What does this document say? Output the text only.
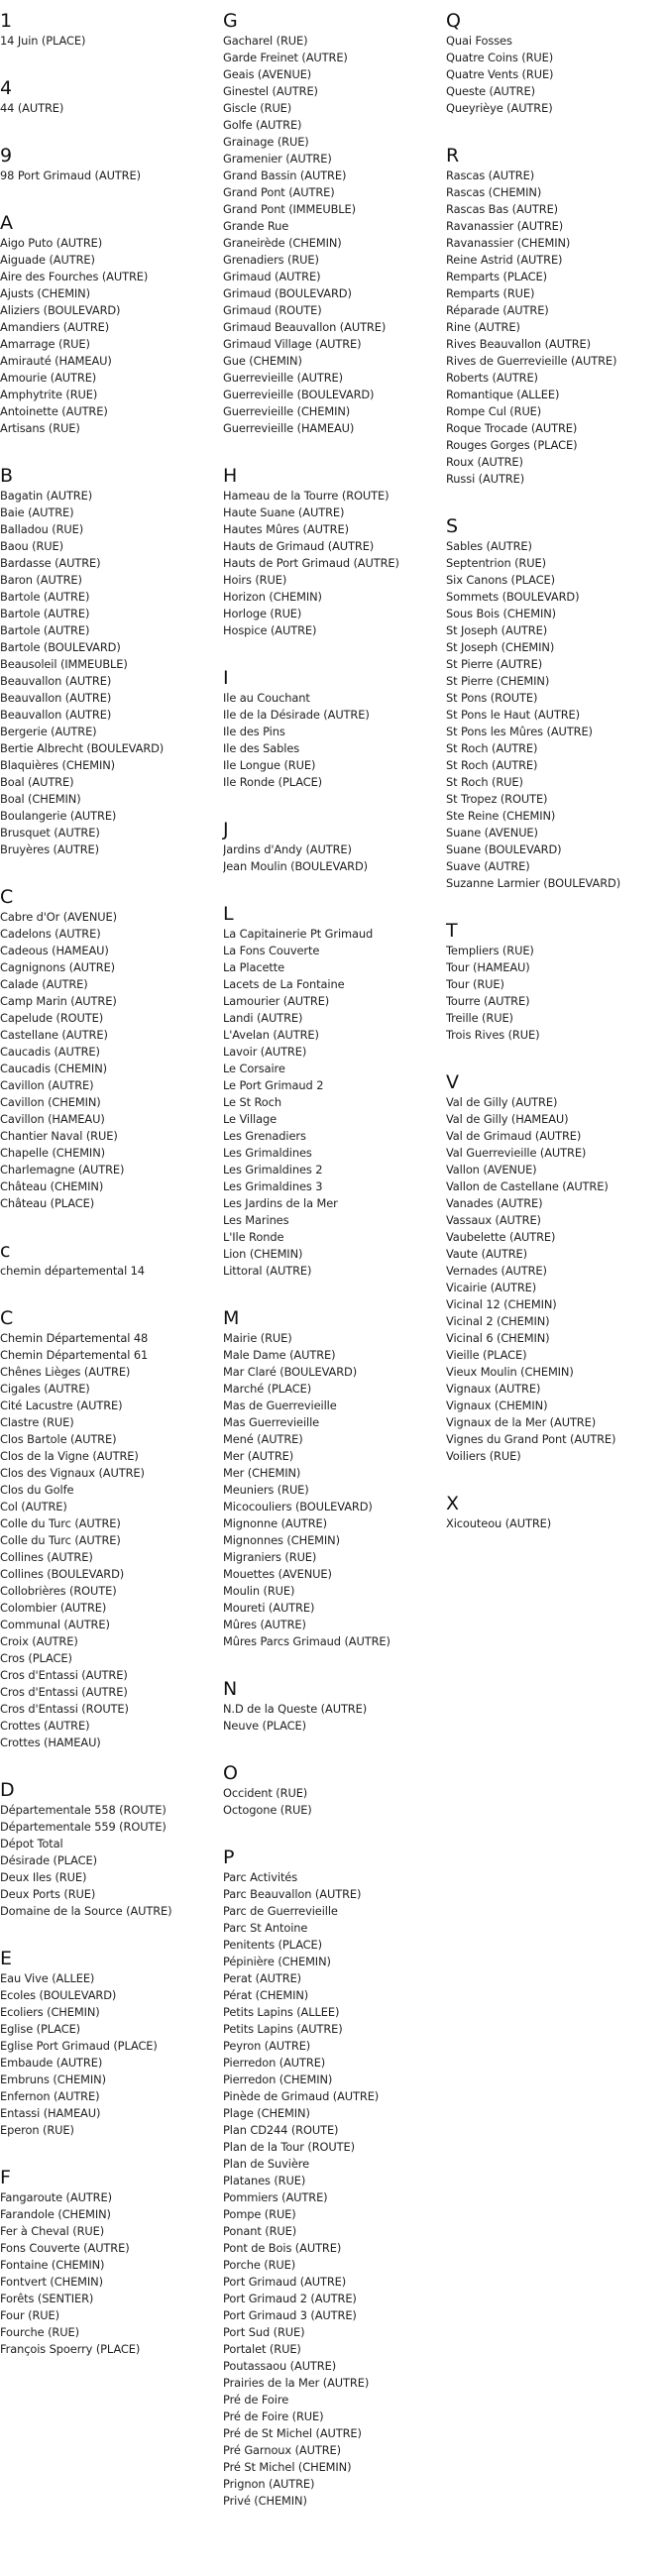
1
14 Juin (PLACE)
4
44 (AUTRE)
9
98 Port Grimaud (AUTRE)
A
Aigo Puto (AUTRE)
Aiguade (AUTRE)
Aire des Fourches (AUTRE)
Ajusts (CHEMIN)
Aliziers (BOULEVARD)
Amandiers (AUTRE)
Amarrage (RUE)
Amirauté (HAMEAU)
Amourie (AUTRE)
Amphytrite (RUE)
Antoinette (AUTRE)
Artisans (RUE)
B
Bagatin (AUTRE)
Baie (AUTRE)
Balladou (RUE)
Baou (RUE)
Bardasse (AUTRE)
Baron (AUTRE)
Bartole (AUTRE)
Bartole (AUTRE)
Bartole (AUTRE)
Bartole (BOULEVARD)
Beausoleil (IMMEUBLE)
Beauvallon (AUTRE)
Beauvallon (AUTRE)
Beauvallon (AUTRE)
Bergerie (AUTRE)
Bertie Albrecht (BOULEVARD)
Blaquières (CHEMIN)
Boal (AUTRE)
Boal (CHEMIN)
Boulangerie (AUTRE)
Brusquet (AUTRE)
Bruyères (AUTRE)
C
Cabre d'Or (AVENUE)
Cadelons (AUTRE)
Cadeous (HAMEAU)
Cagnignons (AUTRE)
Calade (AUTRE)
Camp Marin (AUTRE)
Capelude (ROUTE)
Castellane (AUTRE)
Caucadis (AUTRE)
Caucadis (CHEMIN)
Cavillon (AUTRE)
Cavillon (CHEMIN)
Cavillon (HAMEAU)
Chantier Naval (RUE)
Chapelle (CHEMIN)
Charlemagne (AUTRE)
Château (CHEMIN)
Château (PLACE)
c
chemin départemental 14
C
Chemin Départemental 48
Chemin Départemental 61
Chênes Lièges (AUTRE)
Cigales (AUTRE)
Cité Lacustre (AUTRE)
Clastre (RUE)
Clos Bartole (AUTRE)
Clos de la Vigne (AUTRE)
Clos des Vignaux (AUTRE)
Clos du Golfe
Col (AUTRE)
Colle du Turc (AUTRE)
Colle du Turc (AUTRE)
Collines (AUTRE)
Collines (BOULEVARD)
Collobrières (ROUTE)
Colombier (AUTRE)
Communal (AUTRE)
Croix (AUTRE)
Cros (PLACE)
Cros d'Entassi (AUTRE)
Cros d'Entassi (AUTRE)
Cros d'Entassi (ROUTE)
Crottes (AUTRE)
Crottes (HAMEAU)
D
Départementale 558 (ROUTE)
Départementale 559 (ROUTE)
Dépot Total
Désirade (PLACE)
Deux Iles (RUE)
Deux Ports (RUE)
Domaine de la Source (AUTRE)
E
Eau Vive (ALLEE)
Ecoles (BOULEVARD)
Ecoliers (CHEMIN)
Eglise (PLACE)
Eglise Port Grimaud (PLACE)
Embaude (AUTRE)
Embruns (CHEMIN)
Enfernon (AUTRE)
Entassi (HAMEAU)
Eperon (RUE)
F
Fangaroute (AUTRE)
Farandole (CHEMIN)
Fer à Cheval (RUE)
Fons Couverte (AUTRE)
Fontaine (CHEMIN)
Fontvert (CHEMIN)
Forêts (SENTIER)
Four (RUE)
Fourche (RUE)
François Spoerry (PLACE)
G
Gacharel (RUE)
Garde Freinet (AUTRE)
Geais (AVENUE)
Ginestel (AUTRE)
Giscle (RUE)
Golfe (AUTRE)
Grainage (RUE)
Gramenier (AUTRE)
Grand Bassin (AUTRE)
Grand Pont (AUTRE)
Grand Pont (IMMEUBLE)
Grande Rue
Graneirède (CHEMIN)
Grenadiers (RUE)
Grimaud (AUTRE)
Grimaud (BOULEVARD)
Grimaud (ROUTE)
Grimaud Beauvallon (AUTRE)
Grimaud Village (AUTRE)
Gue (CHEMIN)
Guerrevieille (AUTRE)
Guerrevieille (BOULEVARD)
Guerrevieille (CHEMIN)
Guerrevieille (HAMEAU)
H
Hameau de la Tourre (ROUTE)
Haute Suane (AUTRE)
Hautes Mûres (AUTRE)
Hauts de Grimaud (AUTRE)
Hauts de Port Grimaud (AUTRE)
Hoirs (RUE)
Horizon (CHEMIN)
Horloge (RUE)
Hospice (AUTRE)
I
Ile au Couchant
Ile de la Désirade (AUTRE)
Ile des Pins
Ile des Sables
Ile Longue (RUE)
Ile Ronde (PLACE)
J
Jardins d'Andy (AUTRE)
Jean Moulin (BOULEVARD)
L
La Capitainerie Pt Grimaud
La Fons Couverte
La Placette
Lacets de La Fontaine
Lamourier (AUTRE)
Landi (AUTRE)
L'Avelan (AUTRE)
Lavoir (AUTRE)
Le Corsaire
Le Port Grimaud 2
Le St Roch
Le Village
Les Grenadiers
Les Grimaldines
Les Grimaldines 2
Les Grimaldines 3
Les Jardins de la Mer
Les Marines
L'Ile Ronde
Lion (CHEMIN)
Littoral (AUTRE)
M
Mairie (RUE)
Male Dame (AUTRE)
Mar Claré (BOULEVARD)
Marché (PLACE)
Mas de Guerrevieille
Mas Guerrevieille
Mené (AUTRE)
Mer (AUTRE)
Mer (CHEMIN)
Meuniers (RUE)
Micocouliers (BOULEVARD)
Mignonne (AUTRE)
Mignonnes (CHEMIN)
Migraniers (RUE)
Mouettes (AVENUE)
Moulin (RUE)
Moureti (AUTRE)
Mûres (AUTRE)
Mûres Parcs Grimaud (AUTRE)
N
N.D de la Queste (AUTRE)
Neuve (PLACE)
O
Occident (RUE)
Octogone (RUE)
P
Parc Activités
Parc Beauvallon (AUTRE)
Parc de Guerrevieille
Parc St Antoine
Penitents (PLACE)
Pépinière (CHEMIN)
Perat (AUTRE)
Pérat (CHEMIN)
Petits Lapins (ALLEE)
Petits Lapins (AUTRE)
Peyron (AUTRE)
Pierredon (AUTRE)
Pierredon (CHEMIN)
Pinède de Grimaud (AUTRE)
Plage (CHEMIN)
Plan CD244 (ROUTE)
Plan de la Tour (ROUTE)
Plan de Suvière
Platanes (RUE)
Pommiers (AUTRE)
Pompe (RUE)
Ponant (RUE)
Pont de Bois (AUTRE)
Porche (RUE)
Port Grimaud (AUTRE)
Port Grimaud 2 (AUTRE)
Port Grimaud 3 (AUTRE)
Port Sud (RUE)
Portalet (RUE)
Poutassaou (AUTRE)
Prairies de la Mer (AUTRE)
Pré de Foire
Pré de Foire (RUE)
Pré de St Michel (AUTRE)
Pré Garnoux (AUTRE)
Pré St Michel (CHEMIN)
Prignon (AUTRE)
Privé (CHEMIN)
Q
Quai Fosses
Quatre Coins (RUE)
Quatre Vents (RUE)
Queste (AUTRE)
Queyrièye (AUTRE)
R
Rascas (AUTRE)
Rascas (CHEMIN)
Rascas Bas (AUTRE)
Ravanassier (AUTRE)
Ravanassier (CHEMIN)
Reine Astrid (AUTRE)
Remparts (PLACE)
Remparts (RUE)
Réparade (AUTRE)
Rine (AUTRE)
Rives Beauvallon (AUTRE)
Rives de Guerrevieille (AUTRE)
Roberts (AUTRE)
Romantique (ALLEE)
Rompe Cul (RUE)
Roque Trocade (AUTRE)
Rouges Gorges (PLACE)
Roux (AUTRE)
Russi (AUTRE)
S
Sables (AUTRE)
Septentrion (RUE)
Six Canons (PLACE)
Sommets (BOULEVARD)
Sous Bois (CHEMIN)
St Joseph (AUTRE)
St Joseph (CHEMIN)
St Pierre (AUTRE)
St Pierre (CHEMIN)
St Pons (ROUTE)
St Pons le Haut (AUTRE)
St Pons les Mûres (AUTRE)
St Roch (AUTRE)
St Roch (AUTRE)
St Roch (RUE)
St Tropez (ROUTE)
Ste Reine (CHEMIN)
Suane (AVENUE)
Suane (BOULEVARD)
Suave (AUTRE)
Suzanne Larmier (BOULEVARD)
T
Templiers (RUE)
Tour (HAMEAU)
Tour (RUE)
Tourre (AUTRE)
Treille (RUE)
Trois Rives (RUE)
V
Val de Gilly (AUTRE)
Val de Gilly (HAMEAU)
Val de Grimaud (AUTRE)
Val Guerrevieille (AUTRE)
Vallon (AVENUE)
Vallon de Castellane (AUTRE)
Vanades (AUTRE)
Vassaux (AUTRE)
Vaubelette (AUTRE)
Vaute (AUTRE)
Vernades (AUTRE)
Vicairie (AUTRE)
Vicinal 12 (CHEMIN)
Vicinal 2 (CHEMIN)
Vicinal 6 (CHEMIN)
Vieille (PLACE)
Vieux Moulin (CHEMIN)
Vignaux (AUTRE)
Vignaux (CHEMIN)
Vignaux de la Mer (AUTRE)
Vignes du Grand Pont (AUTRE)
Voiliers (RUE)
X
Xicouteou (AUTRE)
